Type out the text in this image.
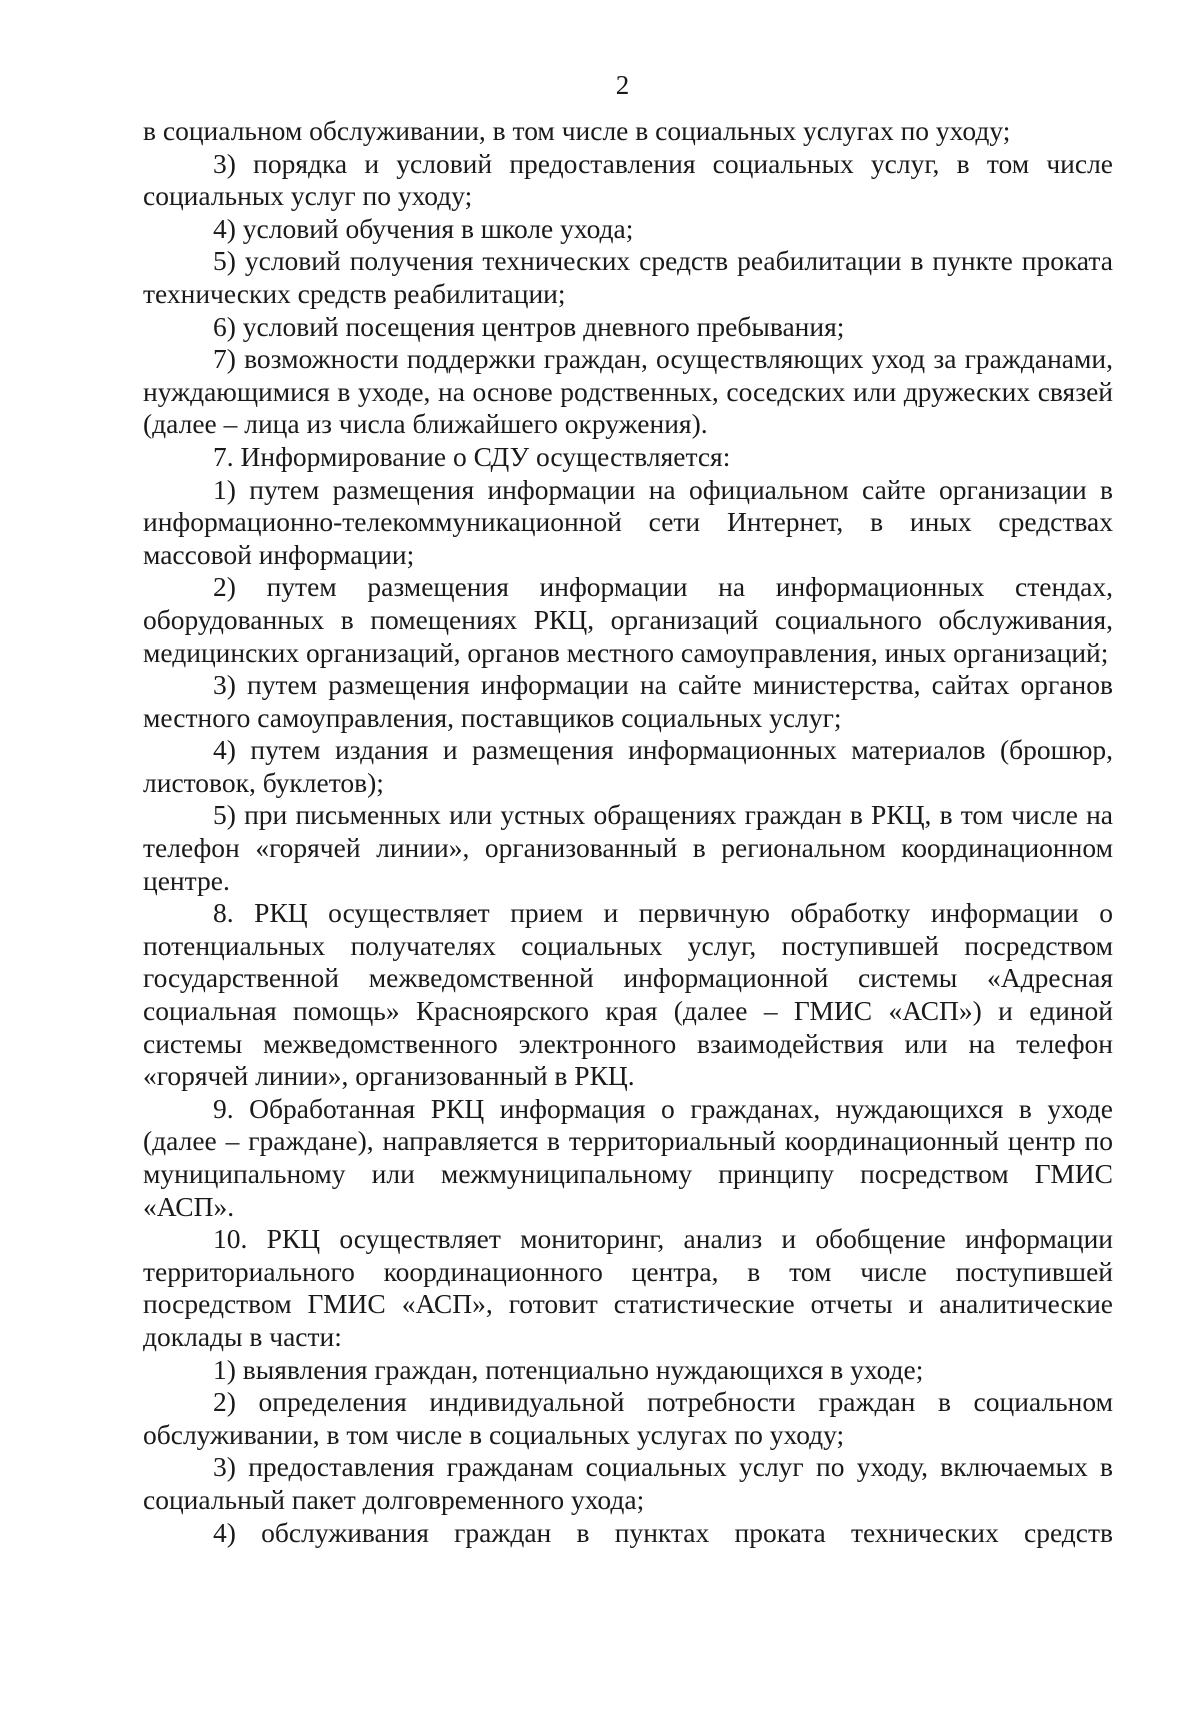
2

в социальном обслуживании, в том числе в социальных услугах по уходу;

3) порядка и условий предоставления социальных услуг, в том числе социальных услуг по уходу;

4) условий обучения в школе ухода;

5) условий получения технических средств реабилитации в пункте проката технических средств реабилитации;

6) условий посещения центров дневного пребывания;

7) возможности поддержки граждан, осуществляющих уход за гражданами, нуждающимися в уходе, на основе родственных, соседских или дружеских связей (далее – лица из числа ближайшего окружения).

7. Информирование о СДУ осуществляется:

1) путем размещения информации на официальном сайте организации в информационно-телекоммуникационной сети Интернет, в иных средствах массовой информации;

2) путем размещения информации на информационных стендах, оборудованных в помещениях РКЦ, организаций социального обслуживания, медицинских организаций, органов местного самоуправления, иных организаций;

3) путем размещения информации на сайте министерства, сайтах органов местного самоуправления, поставщиков социальных услуг;

4) путем издания и размещения информационных материалов (брошюр, листовок, буклетов);

5) при письменных или устных обращениях граждан в РКЦ, в том числе на телефон «горячей линии», организованный в региональном координационном центре.

8. РКЦ осуществляет прием и первичную обработку информации о потенциальных получателях социальных услуг, поступившей посредством государственной межведомственной информационной системы «Адресная социальная помощь» Красноярского края (далее – ГМИС «АСП») и единой системы межведомственного электронного взаимодействия или на телефон «горячей линии», организованный в РКЦ.

9. Обработанная РКЦ информация о гражданах, нуждающихся в уходе (далее – граждане), направляется в территориальный координационный центр по муниципальному или межмуниципальному принципу посредством ГМИС «АСП».

10. РКЦ осуществляет мониторинг, анализ и обобщение информации территориального координационного центра, в том числе поступившей посредством ГМИС «АСП», готовит статистические отчеты и аналитические доклады в части:

1) выявления граждан, потенциально нуждающихся в уходе;

2) определения индивидуальной потребности граждан в социальном обслуживании, в том числе в социальных услугах по уходу;

3) предоставления гражданам социальных услуг по уходу, включаемых в социальный пакет долговременного ухода;

4) обслуживания граждан в пунктах проката технических средств
